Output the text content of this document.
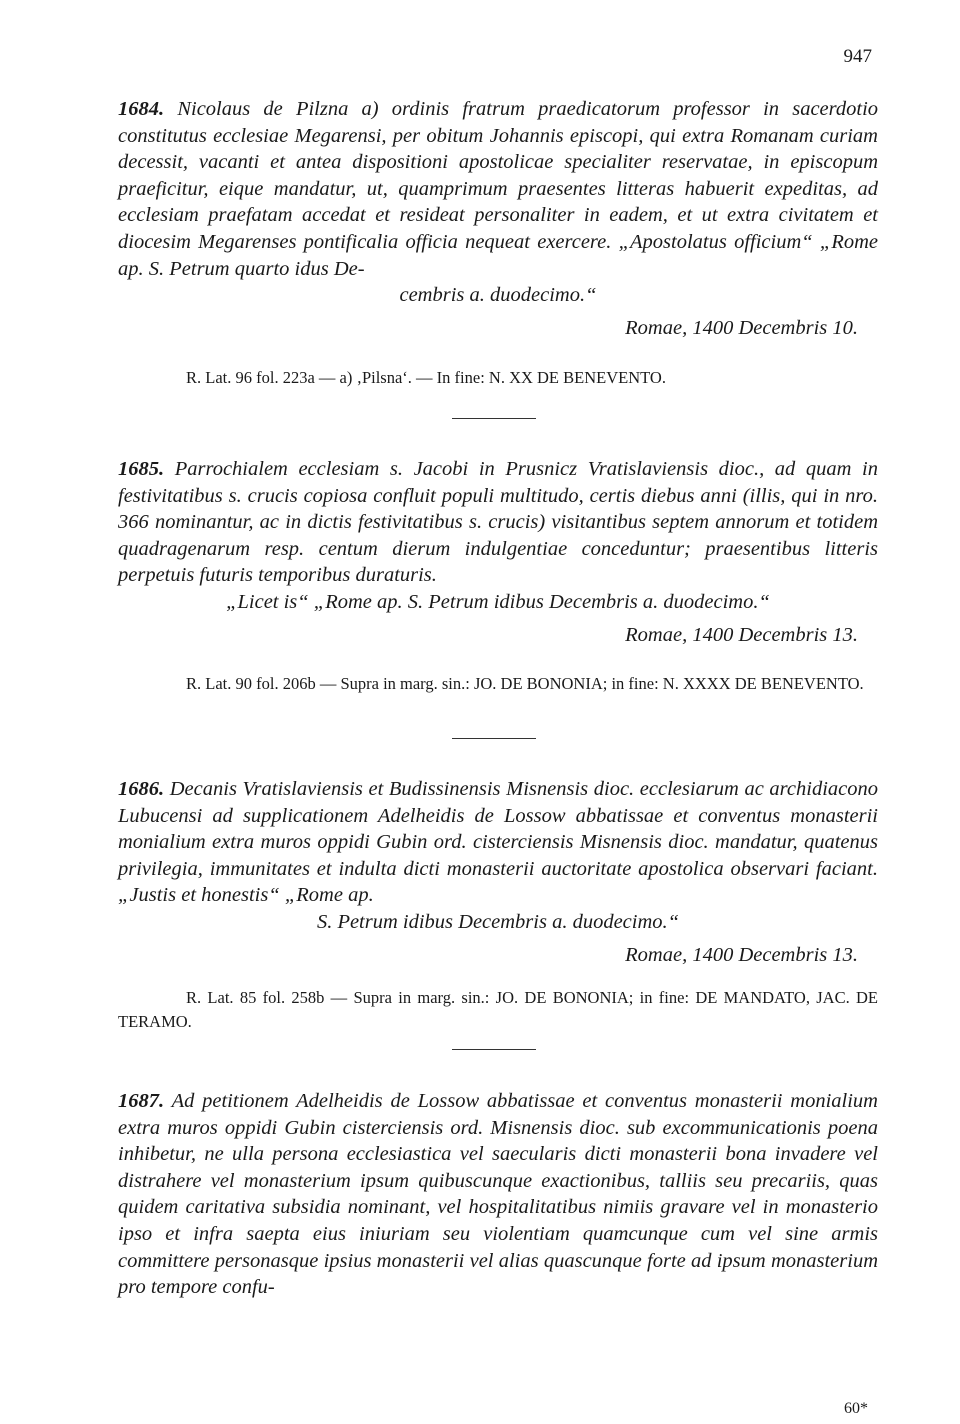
947
1684. Nicolaus de Pilzna a) ordinis fratrum praedicatorum professor in sacerdotio constitutus ecclesiae Megarensi, per obitum Johannis episcopi, qui extra Romanam curiam decessit, vacanti et antea dispositioni apostolicae specialiter reservatae, in episcopum praeficitur, eique mandatur, ut, quamprimum praesentes litteras habuerit expeditas, ad ecclesiam praefatam accedat et resideat personaliter in eadem, et ut extra civitatem et diocesim Megarenses pontificalia officia nequeat exercere. „Apostolatus officium“ „Rome ap. S. Petrum quarto idus De-
cembris a. duodecimo.“
Romae, 1400 Decembris 10.
R. Lat. 96 fol. 223a — a) ‚Pilsna‘. — In fine: N. XX DE BENEVENTO.
1685. Parrochialem ecclesiam s. Jacobi in Prusnicz Vratislaviensis dioc., ad quam in festivitatibus s. crucis copiosa confluit populi multitudo, certis diebus anni (illis, qui in nro. 366 nominantur, ac in dictis festivitatibus s. crucis) visitantibus septem annorum et totidem quadragenarum resp. centum dierum indulgentiae conceduntur; praesentibus litteris perpetuis futuris temporibus duraturis.
„Licet is“ „Rome ap. S. Petrum idibus Decembris a. duodecimo.“
Romae, 1400 Decembris 13.
R. Lat. 90 fol. 206b — Supra in marg. sin.: JO. DE BONONIA; in fine: N. XXXX DE BENEVENTO.
1686. Decanis Vratislaviensis et Budissinensis Misnensis dioc. ecclesiarum ac archidiacono Lubucensi ad supplicationem Adelheidis de Lossow abbatissae et conventus monasterii monialium extra muros oppidi Gubin ord. cisterciensis Misnensis dioc. mandatur, quatenus privilegia, immunitates et indulta dicti monasterii auctoritate apostolica observari faciant. „Justis et honestis“ „Rome ap.
S. Petrum idibus Decembris a. duodecimo.“
Romae, 1400 Decembris 13.
R. Lat. 85 fol. 258b — Supra in marg. sin.: JO. DE BONONIA; in fine: DE MANDATO, JAC. DE TERAMO.
1687. Ad petitionem Adelheidis de Lossow abbatissae et conventus monasterii monialium extra muros oppidi Gubin cisterciensis ord. Misnensis dioc. sub excommunicationis poena inhibetur, ne ulla persona ecclesiastica vel saecularis dicti monasterii bona invadere vel distrahere vel monasterium ipsum quibuscunque exactionibus, talliis seu precariis, quas quidem caritativa subsidia nominant, vel hospitalitatibus nimiis gravare vel in monasterio ipso et infra saepta eius iniuriam seu violentiam quamcunque cum vel sine armis committere personasque ipsius monasterii vel alias quascunque forte ad ipsum monasterium pro tempore confu-
60*
